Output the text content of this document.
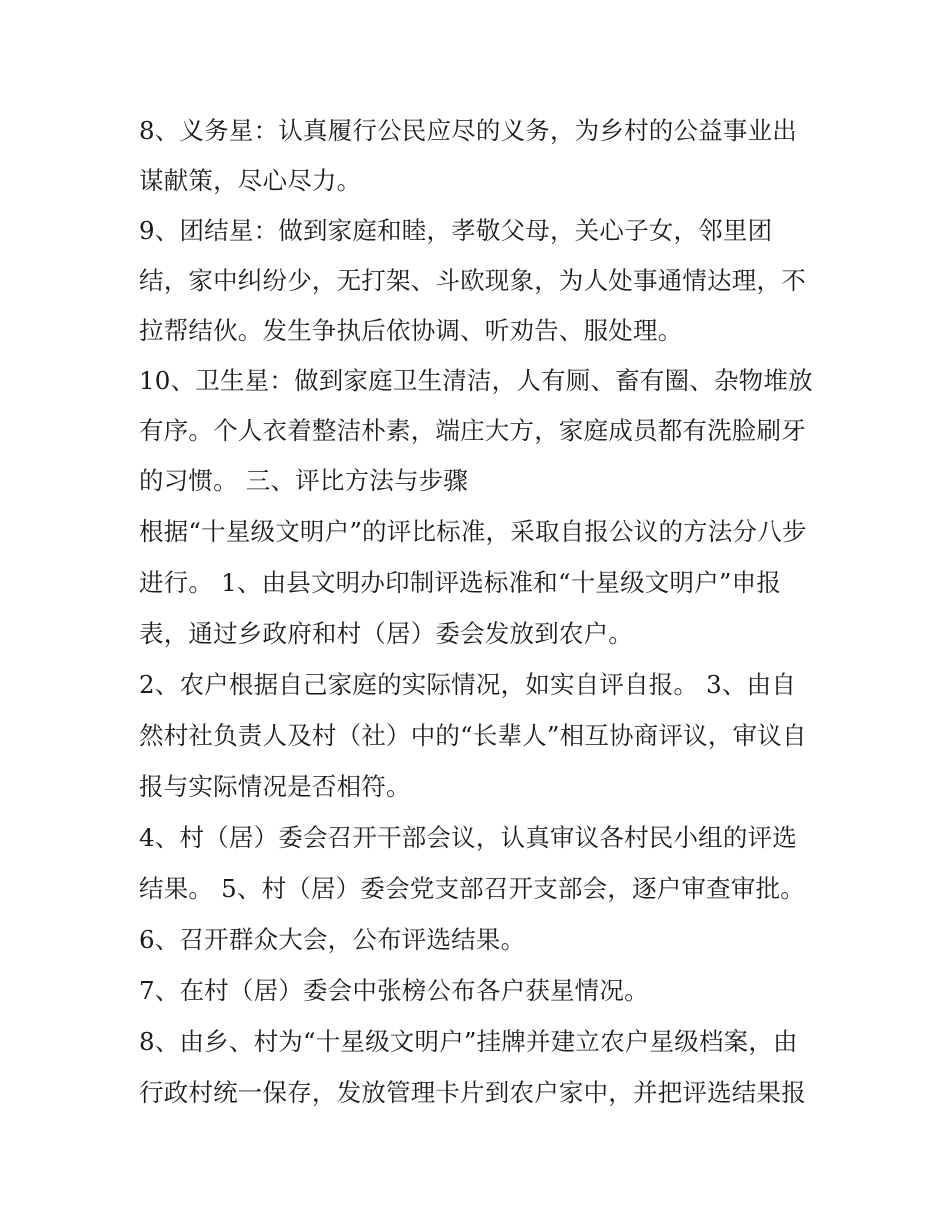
8、义务星：认真履行公民应尽的义务，为乡村的公益事业出
谋献策，尽心尽力。
9、团结星：做到家庭和睦，孝敬父母，关心子女，邻里团
结，家中纠纷少，无打架、斗欧现象，为人处事通情达理，不
拉帮结伙。发生争执后依协调、听劝告、服处理。
10、卫生星：做到家庭卫生清洁，人有厕、畜有圈、杂物堆放
有序。个人衣着整洁朴素，端庄大方，家庭成员都有洗脸刷牙
的习惯。 三、评比方法与步骤
根据“十星级文明户”的评比标准，采取自报公议的方法分八步
进行。 1、由县文明办印制评选标准和“十星级文明户”申报
表，通过乡政府和村（居）委会发放到农户。
2、农户根据自己家庭的实际情况，如实自评自报。 3、由自
然村社负责人及村（社）中的“长辈人”相互协商评议，审议自
报与实际情况是否相符。
4、村（居）委会召开干部会议，认真审议各村民小组的评选
结果。 5、村（居）委会党支部召开支部会，逐户审查审批。
6、召开群众大会，公布评选结果。
7、在村（居）委会中张榜公布各户获星情况。
8、由乡、村为“十星级文明户”挂牌并建立农户星级档案，由
行政村统一保存，发放管理卡片到农户家中，并把评选结果报
